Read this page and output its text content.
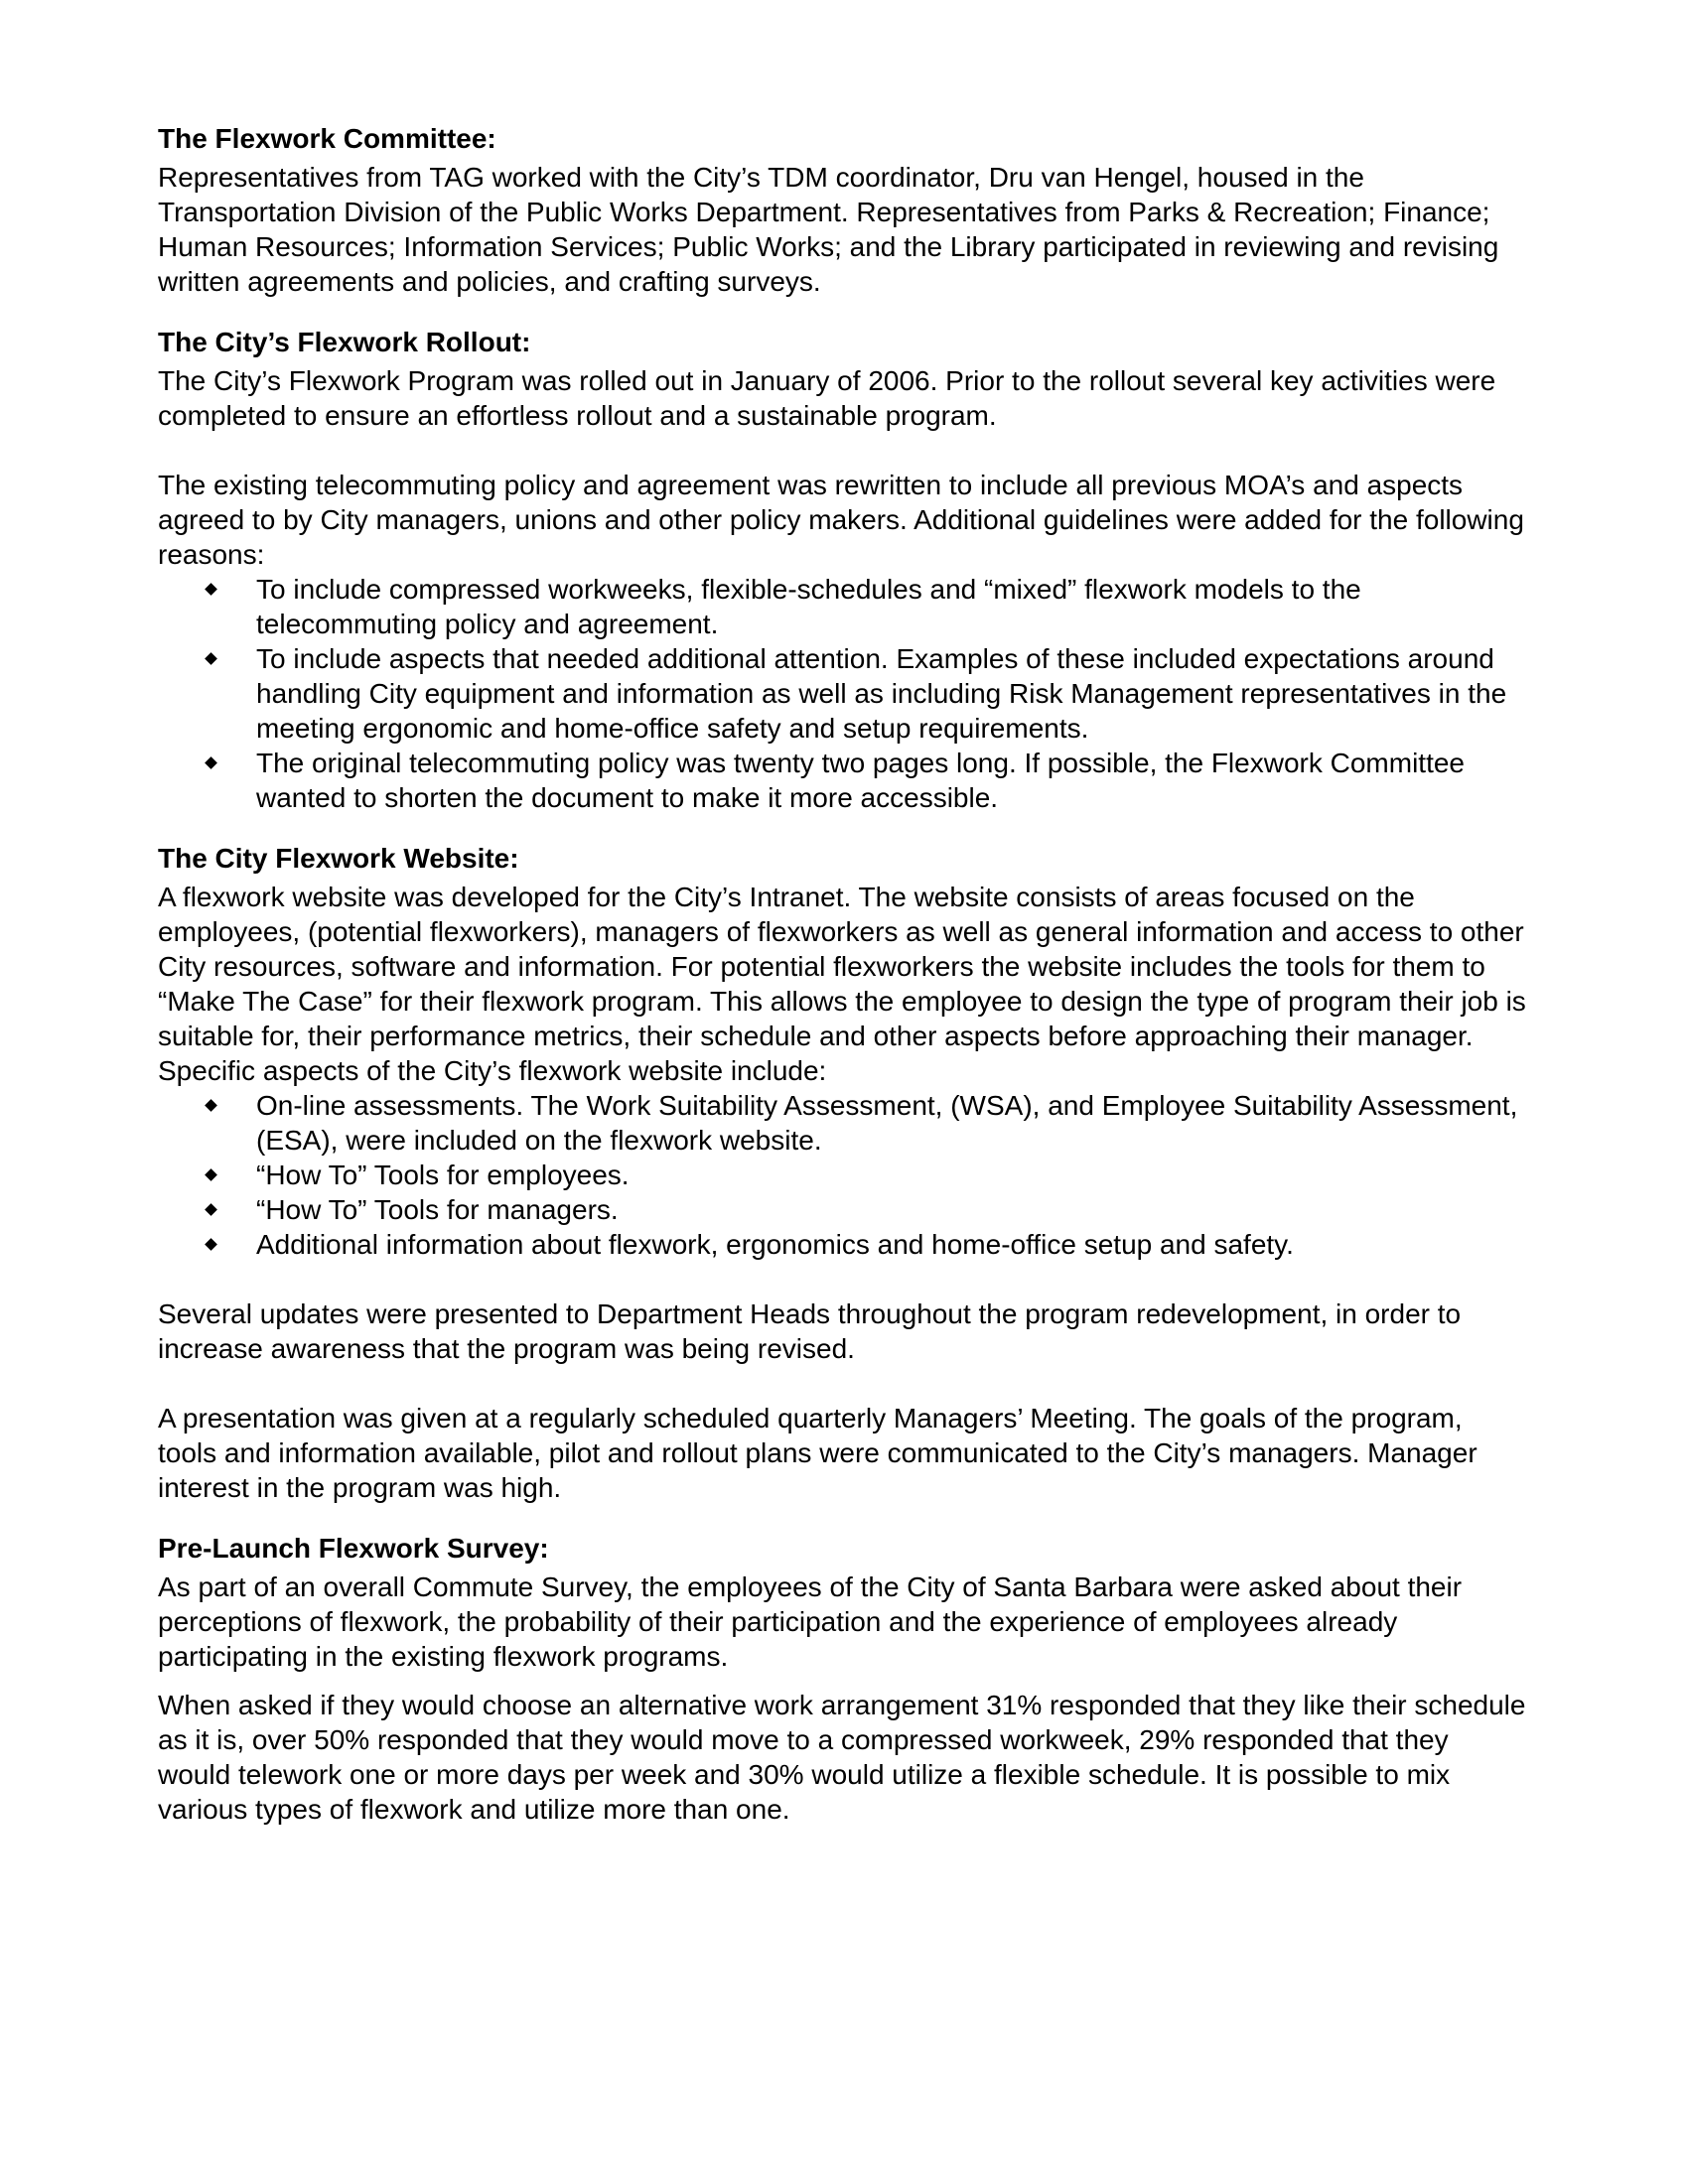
The Flexwork Committee:

Representatives from TAG worked with the City’s TDM coordinator, Dru van Hengel, housed in the Transportation Division of the Public Works Department. Representatives from Parks & Recreation; Finance; Human Resources; Information Services; Public Works; and the Library participated in reviewing and revising written agreements and policies, and crafting surveys.

The City’s Flexwork Rollout:

The City’s Flexwork Program was rolled out in January of 2006. Prior to the rollout several key activities were completed to ensure an effortless rollout and a sustainable program.

The existing telecommuting policy and agreement was rewritten to include all previous MOA’s and aspects agreed to by City managers, unions and other policy makers. Additional guidelines were added for the following reasons:

To include compressed workweeks, flexible-schedules and “mixed” flexwork models to the telecommuting policy and agreement.
To include aspects that needed additional attention. Examples of these included expectations around handling City equipment and information as well as including Risk Management representatives in the meeting ergonomic and home-office safety and setup requirements.
The original telecommuting policy was twenty two pages long. If possible, the Flexwork Committee wanted to shorten the document to make it more accessible.
The City Flexwork Website:

A flexwork website was developed for the City’s Intranet. The website consists of areas focused on the employees, (potential flexworkers), managers of flexworkers as well as general information and access to other City resources, software and information. For potential flexworkers the website includes the tools for them to “Make The Case” for their flexwork program. This allows the employee to design the type of program their job is suitable for, their performance metrics, their schedule and other aspects before approaching their manager. Specific aspects of the City’s flexwork website include:

On-line assessments. The Work Suitability Assessment, (WSA), and Employee Suitability Assessment, (ESA), were included on the flexwork website.
“How To” Tools for employees.
“How To” Tools for managers.
Additional information about flexwork, ergonomics and home-office setup and safety.

Several updates were presented to Department Heads throughout the program redevelopment, in order to increase awareness that the program was being revised.

A presentation was given at a regularly scheduled quarterly Managers’ Meeting. The goals of the program, tools and information available, pilot and rollout plans were communicated to the City’s managers. Manager interest in the program was high.

Pre-Launch Flexwork Survey:

As part of an overall Commute Survey, the employees of the City of Santa Barbara were asked about their perceptions of flexwork, the probability of their participation and the experience of employees already participating in the existing flexwork programs.

When asked if they would choose an alternative work arrangement 31% responded that they like their schedule as it is, over 50% responded that they would move to a compressed workweek, 29% responded that they would telework one or more days per week and 30% would utilize a flexible schedule. It is possible to mix various types of flexwork and utilize more than one.
